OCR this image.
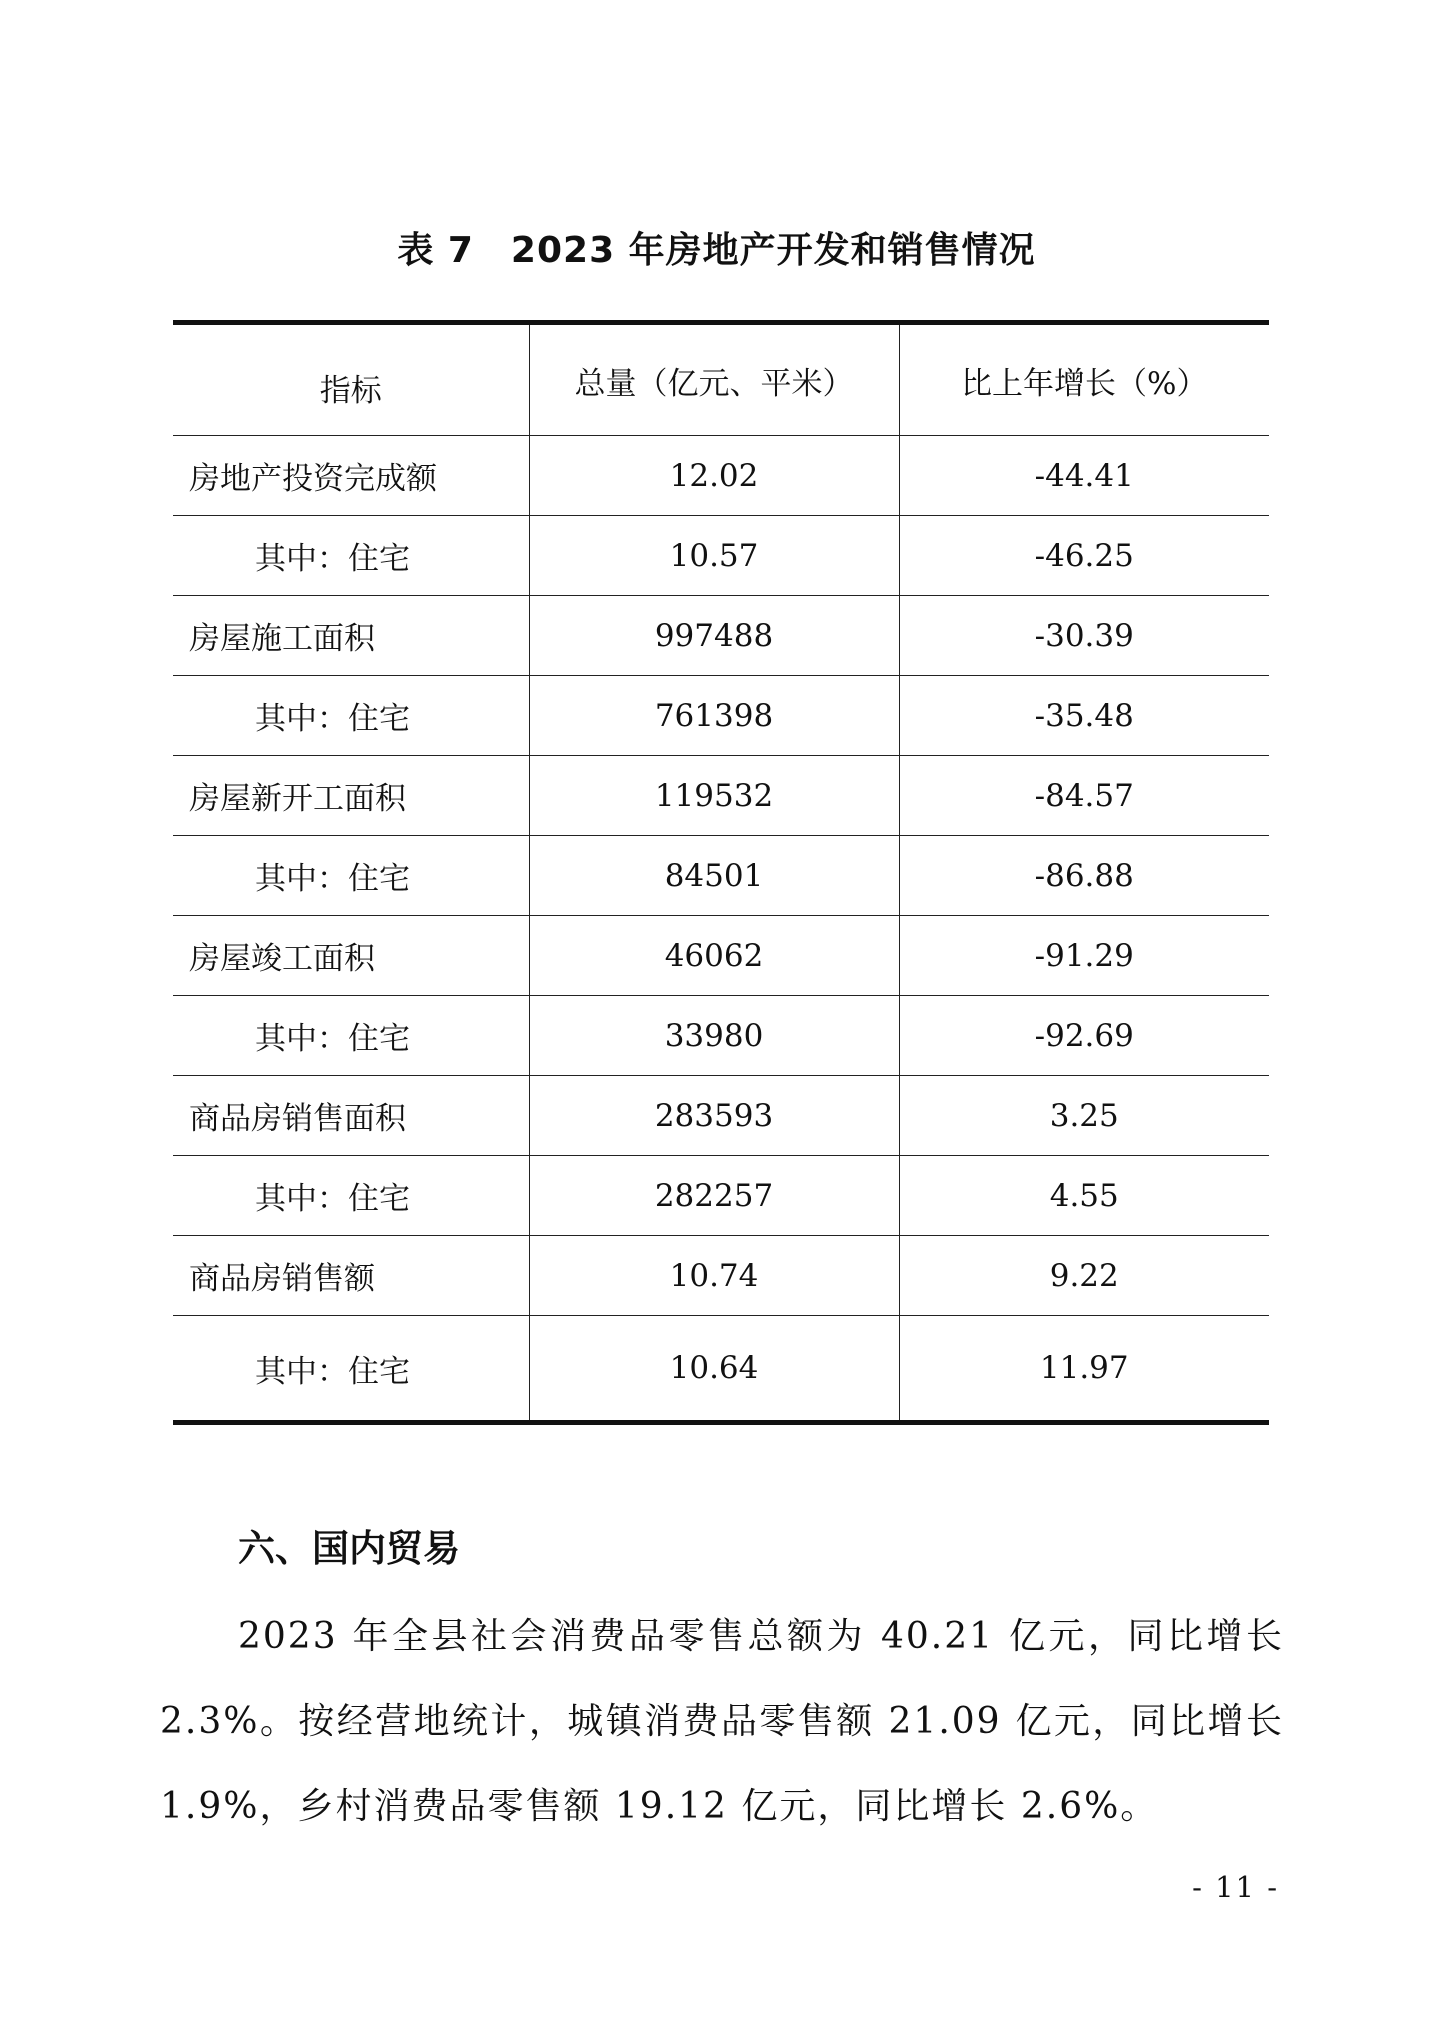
表 7　2023 年房地产开发和销售情况
指标	总量（亿元、平米）	比上年增长（%）
房地产投资完成额	12.02	-44.41
其中：住宅	10.57	-46.25
房屋施工面积	997488	-30.39
其中：住宅	761398	-35.48
房屋新开工面积	119532	-84.57
其中：住宅	84501	-86.88
房屋竣工面积	46062	-91.29
其中：住宅	33980	-92.69
商品房销售面积	283593	3.25
其中：住宅	282257	4.55
商品房销售额	10.74	9.22
其中：住宅	10.64	11.97
六、国内贸易

2023 年全县社会消费品零售总额为 40.21 亿元，同比增长 2.3%。按经营地统计，城镇消费品零售额 21.09 亿元，同比增长 1.9%，乡村消费品零售额 19.12 亿元，同比增长 2.6%。

- 11 -
